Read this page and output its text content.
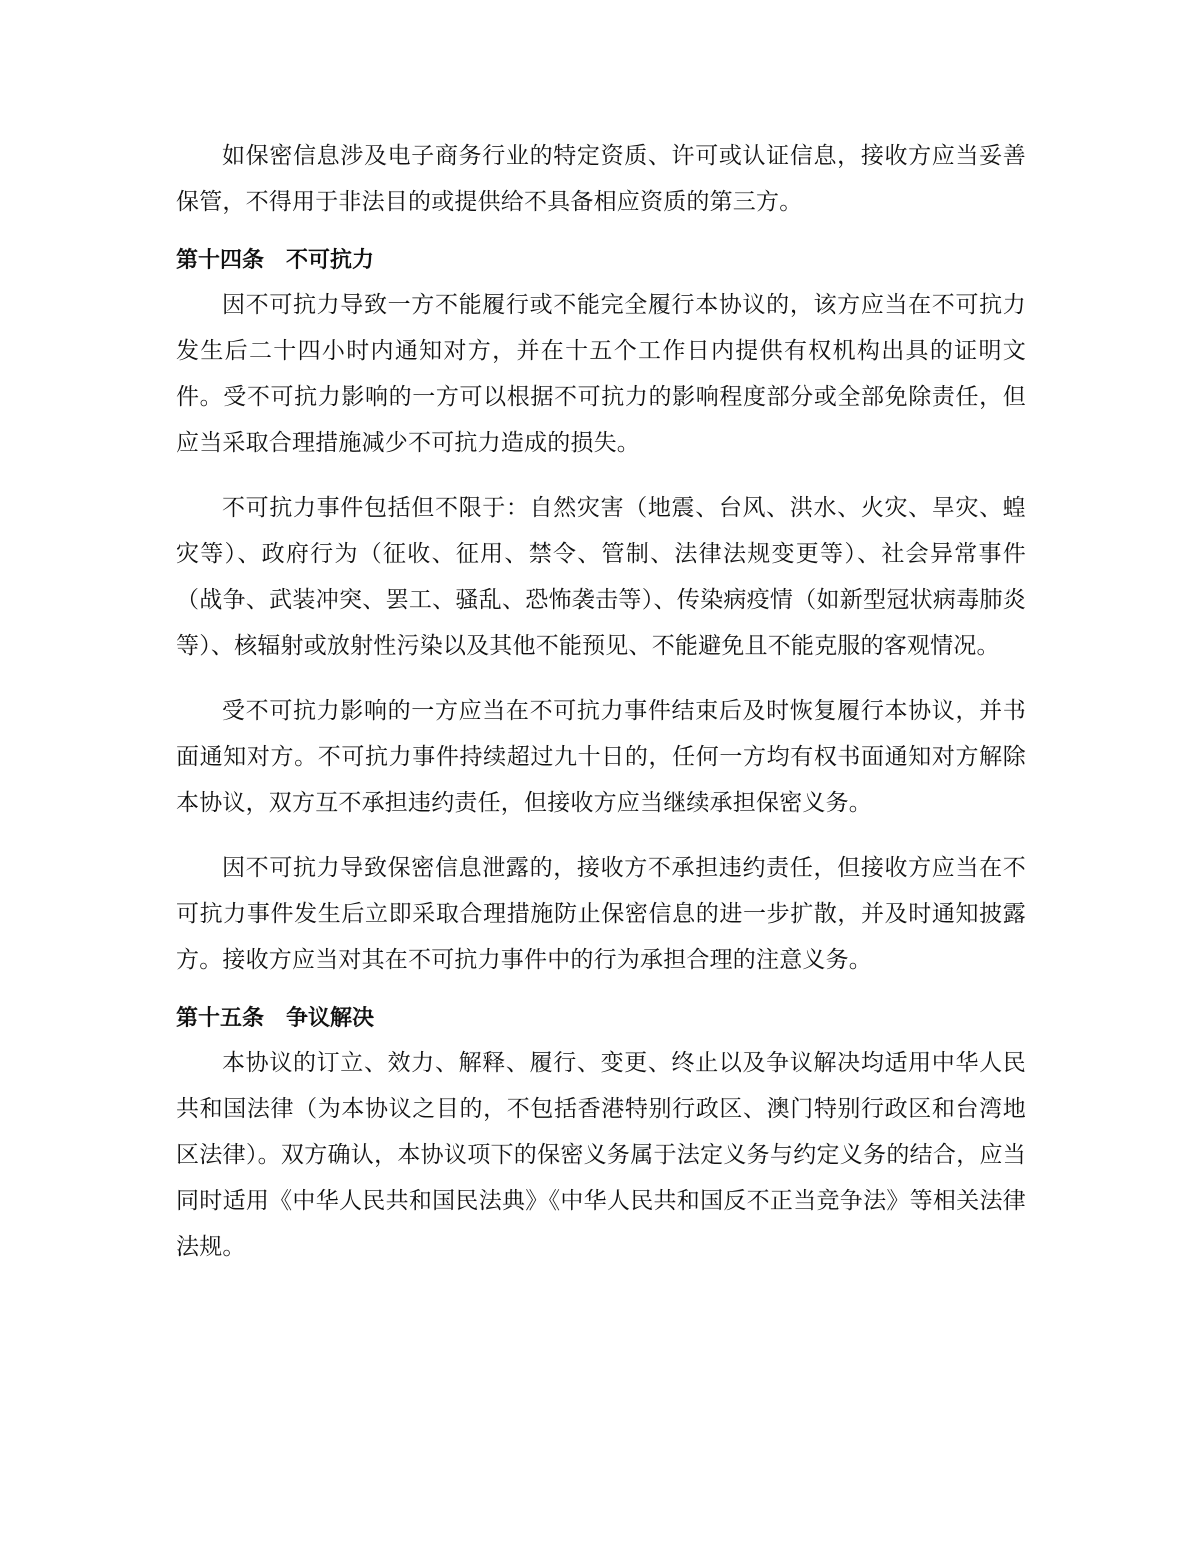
如保密信息涉及电子商务行业的特定资质、许可或认证信息，接收方应当妥善保管，不得用于非法目的或提供给不具备相应资质的第三方。

第十四条　不可抗力

因不可抗力导致一方不能履行或不能完全履行本协议的，该方应当在不可抗力发生后二十四小时内通知对方，并在十五个工作日内提供有权机构出具的证明文件。受不可抗力影响的一方可以根据不可抗力的影响程度部分或全部免除责任，但应当采取合理措施减少不可抗力造成的损失。

不可抗力事件包括但不限于：自然灾害（地震、台风、洪水、火灾、旱灾、蝗灾等）、政府行为（征收、征用、禁令、管制、法律法规变更等）、社会异常事件（战争、武装冲突、罢工、骚乱、恐怖袭击等）、传染病疫情（如新型冠状病毒肺炎等）、核辐射或放射性污染以及其他不能预见、不能避免且不能克服的客观情况。

受不可抗力影响的一方应当在不可抗力事件结束后及时恢复履行本协议，并书面通知对方。不可抗力事件持续超过九十日的，任何一方均有权书面通知对方解除本协议，双方互不承担违约责任，但接收方应当继续承担保密义务。

因不可抗力导致保密信息泄露的，接收方不承担违约责任，但接收方应当在不可抗力事件发生后立即采取合理措施防止保密信息的进一步扩散，并及时通知披露方。接收方应当对其在不可抗力事件中的行为承担合理的注意义务。

第十五条　争议解决

本协议的订立、效力、解释、履行、变更、终止以及争议解决均适用中华人民共和国法律（为本协议之目的，不包括香港特别行政区、澳门特别行政区和台湾地区法律）。双方确认，本协议项下的保密义务属于法定义务与约定义务的结合，应当同时适用《中华人民共和国民法典》《中华人民共和国反不正当竞争法》等相关法律法规。
